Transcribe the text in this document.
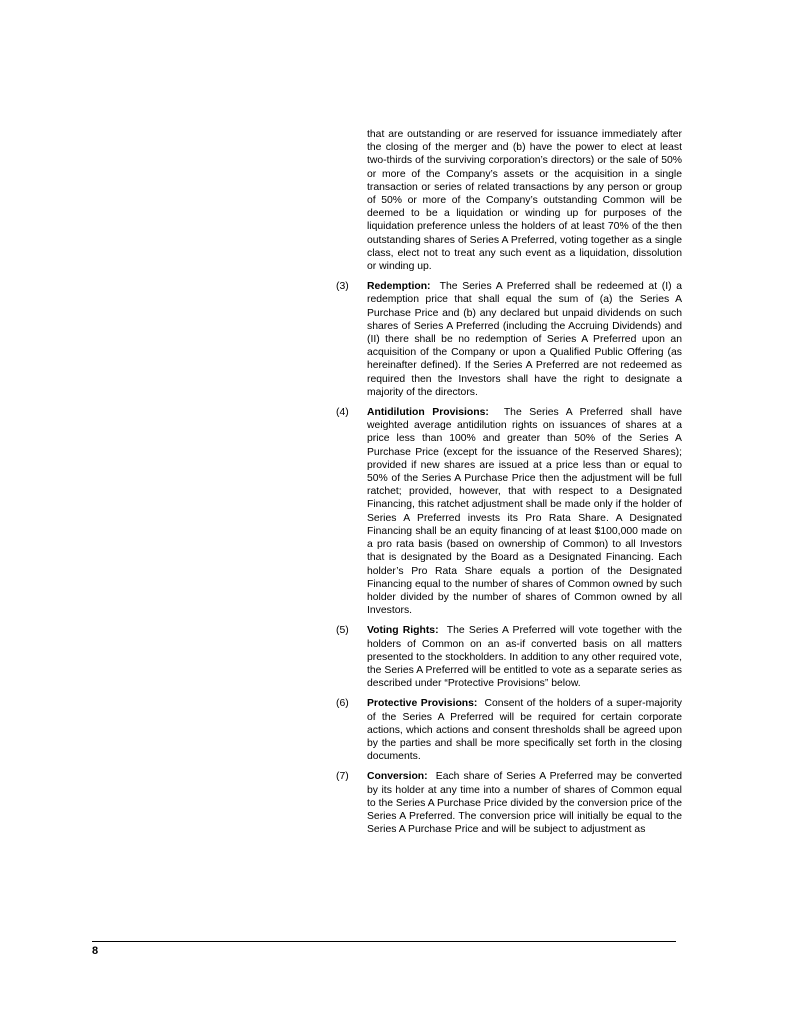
that are outstanding or are reserved for issuance immediately after the closing of the merger and (b) have the power to elect at least two-thirds of the surviving corporation’s directors) or the sale of 50% or more of the Company’s assets or the acquisition in a single transaction or series of related transactions by any person or group of 50% or more of the Company’s outstanding Common will be deemed to be a liquidation or winding up for purposes of the liquidation preference unless the holders of at least 70% of the then outstanding shares of Series A Preferred, voting together as a single class, elect not to treat any such event as a liquidation, dissolution or winding up.

(3)	Redemption: The Series A Preferred shall be redeemed at (I) a redemption price that shall equal the sum of (a) the Series A Purchase Price and (b) any declared but unpaid dividends on such shares of Series A Preferred (including the Accruing Dividends) and (II) there shall be no redemption of Series A Preferred upon an acquisition of the Company or upon a Qualified Public Offering (as hereinafter defined). If the Series A Preferred are not redeemed as required then the Investors shall have the right to designate a majority of the directors.

(4)	Antidilution Provisions: The Series A Preferred shall have weighted average antidilution rights on issuances of shares at a price less than 100% and greater than 50% of the Series A Purchase Price (except for the issuance of the Reserved Shares); provided if new shares are issued at a price less than or equal to 50% of the Series A Purchase Price then the adjustment will be full ratchet; provided, however, that with respect to a Designated Financing, this ratchet adjustment shall be made only if the holder of Series A Preferred invests its Pro Rata Share. A Designated Financing shall be an equity financing of at least $100,000 made on a pro rata basis (based on ownership of Common) to all Investors that is designated by the Board as a Designated Financing. Each holder’s Pro Rata Share equals a portion of the Designated Financing equal to the number of shares of Common owned by such holder divided by the number of shares of Common owned by all Investors.

(5)	Voting Rights: The Series A Preferred will vote together with the holders of Common on an as-if converted basis on all matters presented to the stockholders. In addition to any other required vote, the Series A Preferred will be entitled to vote as a separate series as described under “Protective Provisions” below.

(6)	Protective Provisions: Consent of the holders of a super-majority of the Series A Preferred will be required for certain corporate actions, which actions and consent thresholds shall be agreed upon by the parties and shall be more specifically set forth in the closing documents.

(7)	Conversion: Each share of Series A Preferred may be converted by its holder at any time into a number of shares of Common equal to the Series A Purchase Price divided by the conversion price of the Series A Preferred. The conversion price will initially be equal to the Series A Purchase Price and will be subject to adjustment as

8
